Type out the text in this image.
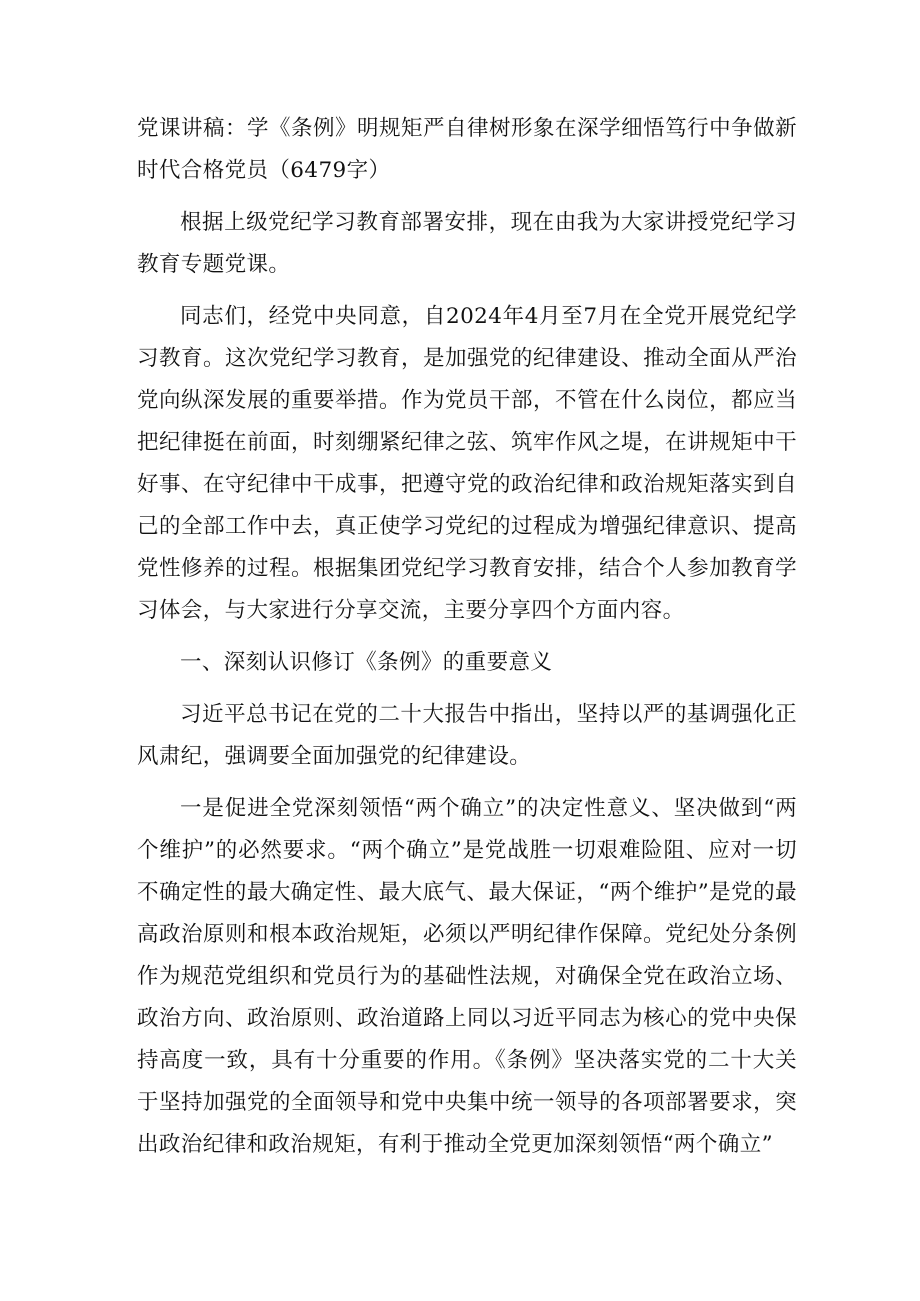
党课讲稿：学《条例》明规矩严自律树形象在深学细悟笃行中争做新时代合格党员（6479字）

根据上级党纪学习教育部署安排，现在由我为大家讲授党纪学习教育专题党课。

同志们，经党中央同意，自2024年4月至7月在全党开展党纪学习教育。这次党纪学习教育，是加强党的纪律建设、推动全面从严治党向纵深发展的重要举措。作为党员干部，不管在什么岗位，都应当把纪律挺在前面，时刻绷紧纪律之弦、筑牢作风之堤，在讲规矩中干好事、在守纪律中干成事，把遵守党的政治纪律和政治规矩落实到自己的全部工作中去，真正使学习党纪的过程成为增强纪律意识、提高党性修养的过程。根据集团党纪学习教育安排，结合个人参加教育学习体会，与大家进行分享交流，主要分享四个方面内容。

一、深刻认识修订《条例》的重要意义

习近平总书记在党的二十大报告中指出，坚持以严的基调强化正风肃纪，强调要全面加强党的纪律建设。

一是促进全党深刻领悟“两个确立”的决定性意义、坚决做到“两个维护”的必然要求。“两个确立”是党战胜一切艰难险阻、应对一切不确定性的最大确定性、最大底气、最大保证，“两个维护”是党的最高政治原则和根本政治规矩，必须以严明纪律作保障。党纪处分条例作为规范党组织和党员行为的基础性法规，对确保全党在政治立场、政治方向、政治原则、政治道路上同以习近平同志为核心的党中央保持高度一致，具有十分重要的作用。《条例》坚决落实党的二十大关于坚持加强党的全面领导和党中央集中统一领导的各项部署要求，突出政治纪律和政治规矩，有利于推动全党更加深刻领悟“两个确立”
